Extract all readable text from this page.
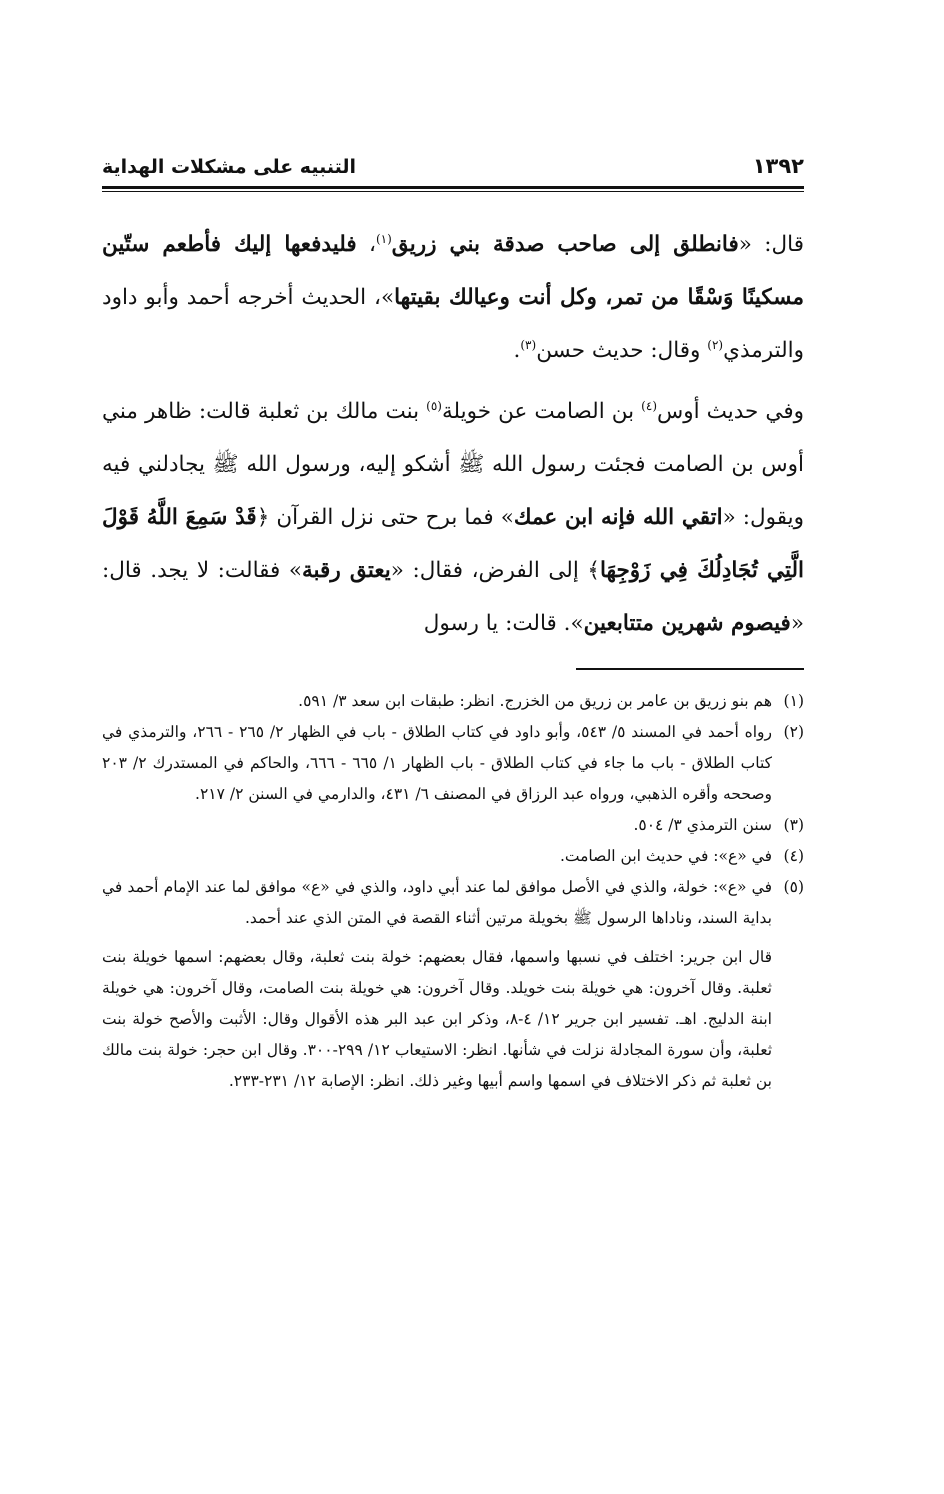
١٣٩٢
التنبيه على مشكلات الهداية

قال: «فانطلق إلى صاحب صدقة بني زريق$^{(١)}$، فليدفعها إليك فأطعم ستّين مسكينًا وَسْقًا من تمر، وكل أنت وعيالك بقيتها»، الحديث أخرجه أحمد وأبو داود والترمذي$^{(٢)}$ وقال: حديث حسن$^{(٣)}$.

وفي حديث أوس$^{(٤)}$ بن الصامت عن خويلة$^{(٥)}$ بنت مالك بن ثعلبة قالت: ظاهر مني أوس بن الصامت فجئت رسول الله ﷺ أشكو إليه، ورسول الله ﷺ يجادلني فيه ويقول: «اتقي الله فإنه ابن عمك» فما برح حتى نزل القرآن ﴿قَدْ سَمِعَ اللَّهُ قَوْلَ الَّتِي تُجَادِلُكَ فِي زَوْجِهَا﴾ إلى الفرض، فقال: «يعتق رقبة» فقالت: لا يجد. قال: «فيصوم شهرين متتابعين». قالت: يا رسول

(١)
هم بنو زريق بن عامر بن زريق من الخزرج. انظر: طبقات ابن سعد ٣/ ٥٩١.
(٢)
رواه أحمد في المسند ٥/ ٥٤٣، وأبو داود في كتاب الطلاق - باب في الظهار ٢/ ٢٦٥ - ٢٦٦، والترمذي في كتاب الطلاق - باب ما جاء في كتاب الطلاق - باب الظهار ١/ ٦٦٥ - ٦٦٦، والحاكم في المستدرك ٢/ ٢٠٣ وصححه وأقره الذهبي، ورواه عبد الرزاق في المصنف ٦/ ٤٣١، والدارمي في السنن ٢/ ٢١٧.
(٣)
سنن الترمذي ٣/ ٥٠٤.
(٤)
في «ع»: في حديث ابن الصامت.
(٥)
في «ع»: خولة، والذي في الأصل موافق لما عند أبي داود، والذي في «ع» موافق لما عند الإمام أحمد في بداية السند، وناداها الرسول ﷺ بخويلة مرتين أثناء القصة في المتن الذي عند أحمد.
قال ابن جرير: اختلف في نسبها واسمها، فقال بعضهم: خولة بنت ثعلبة، وقال بعضهم: اسمها خويلة بنت ثعلبة. وقال آخرون: هي خويلة بنت خويلد. وقال آخرون: هي خويلة بنت الصامت، وقال آخرون: هي خويلة ابنة الدليج. اهـ. تفسير ابن جرير ١٢/ ٤-٨، وذكر ابن عبد البر هذه الأقوال وقال: الأثبت والأصح خولة بنت ثعلبة، وأن سورة المجادلة نزلت في شأنها. انظر: الاستيعاب ١٢/ ٢٩٩-٣٠٠. وقال ابن حجر: خولة بنت مالك بن ثعلبة ثم ذكر الاختلاف في اسمها واسم أبيها وغير ذلك. انظر: الإصابة ١٢/ ٢٣١-٢٣٣.
